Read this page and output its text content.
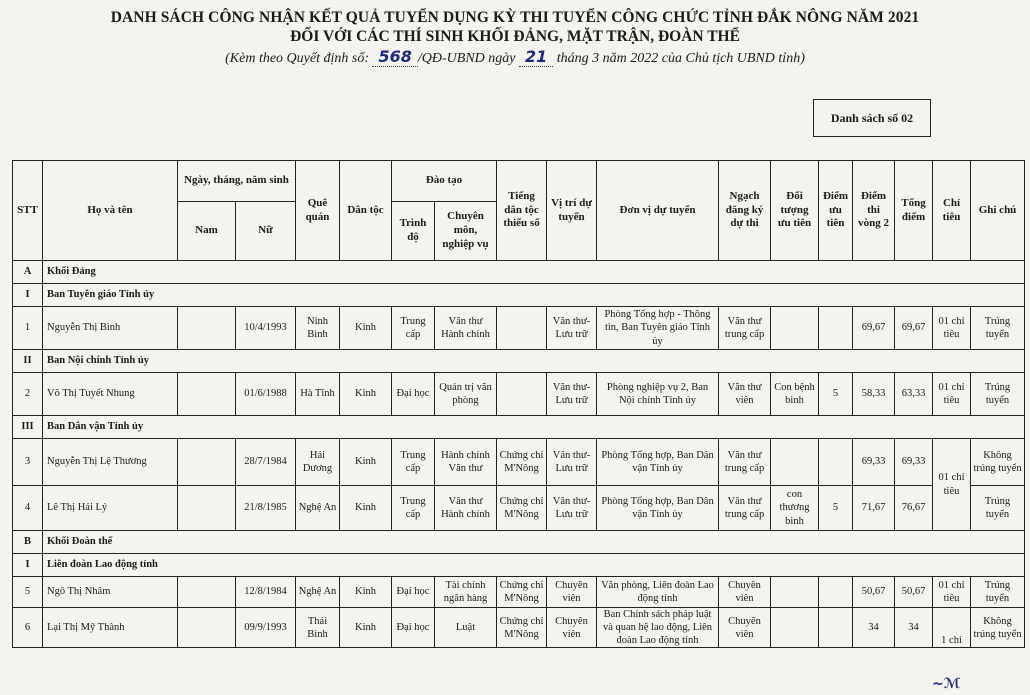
DANH SÁCH CÔNG NHẬN KẾT QUẢ TUYỂN DỤNG KỲ THI TUYỂN CÔNG CHỨC TỈNH ĐẮK NÔNG NĂM 2021
ĐỐI VỚI CÁC THÍ SINH KHỐI ĐẢNG, MẶT TRẬN, ĐOÀN THỂ
(Kèm theo Quyết định số: 568 /QĐ-UBND ngày 21 tháng 3 năm 2022 của Chủ tịch UBND tỉnh)
Danh sách số 02
STT	Họ và tên	Ngày, tháng, năm sinh		Quê quán	Dân tộc	Đào tạo		Tiếng dân tộc thiểu số	Vị trí dự tuyển	Đơn vị dự tuyển	Ngạch đăng ký dự thi	Đối tượng ưu tiên	Điểm ưu tiên	Điểm thi vòng 2	Tổng điểm	Chỉ tiêu	Ghi chú
		Nam	Nữ			Trình độ	Chuyên môn, nghiệp vụ										
A	Khối Đảng																
I	Ban Tuyên giáo Tỉnh ủy																
1	Nguyễn Thị Bình		10/4/1993	Ninh Bình	Kinh	Trung cấp	Văn thư Hành chính		Văn thư-Lưu trữ	Phòng Tổng hợp - Thông tin, Ban Tuyên giáo Tỉnh ủy	Văn thư trung cấp			69,67	69,67	01 chỉ tiêu	Trúng tuyển
II	Ban Nội chính Tỉnh ủy																
2	Võ Thị Tuyết Nhung		01/6/1988	Hà Tĩnh	Kinh	Đại học	Quản trị văn phòng		Văn thư-Lưu trữ	Phòng nghiệp vụ 2, Ban Nội chính Tỉnh ủy	Văn thư viên	Con bệnh binh	5	58,33	63,33	01 chỉ tiêu	Trúng tuyển
III	Ban Dân vận Tỉnh ủy																
3	Nguyễn Thị Lệ Thương		28/7/1984	Hải Dương	Kinh	Trung cấp	Hành chính Văn thư	Chứng chỉ M'Nông	Văn thư-Lưu trữ	Phòng Tổng hợp, Ban Dân vận Tỉnh ủy	Văn thư trung cấp			69,33	69,33	01 chỉ tiêu	Không trúng tuyển
4	Lê Thị Hải Lý		21/8/1985	Nghệ An	Kinh	Trung cấp	Văn thư Hành chính	Chứng chỉ M'Nông	Văn thư-Lưu trữ	Phòng Tổng hợp, Ban Dân vận Tỉnh ủy	Văn thư trung cấp	con thương binh	5	71,67	76,67		Trúng tuyển
B	Khối Đoàn thể																
I	Liên đoàn Lao động tỉnh																
5	Ngô Thị Nhâm		12/8/1984	Nghệ An	Kinh	Đại học	Tài chính ngân hàng	Chứng chỉ M'Nông	Chuyên viên	Văn phòng, Liên đoàn Lao động tỉnh	Chuyên viên			50,67	50,67	01 chỉ tiêu	Trúng tuyển
6	Lại Thị Mỹ Thành		09/9/1993	Thái Bình	Kinh	Đại học	Luật	Chứng chỉ M'Nông	Chuyên viên	Ban Chính sách pháp luật và quan hệ lao động, Liên đoàn Lao động tỉnh	Chuyên viên			34	34	1 chỉ	Không trúng tuyển
~ℳ
